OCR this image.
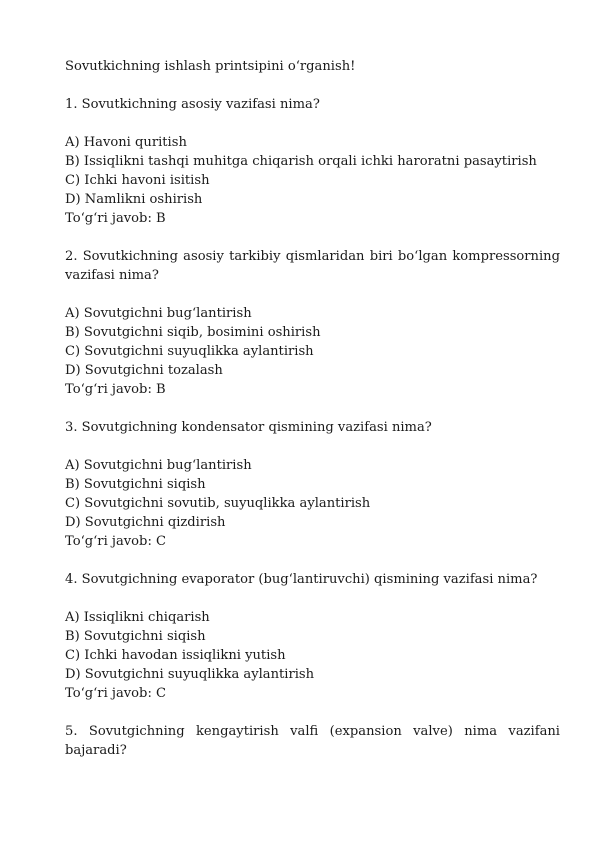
Sovutkichning ishlash printsipini o‘rganish!

1. Sovutkichning asosiy vazifasi nima?

A) Havoni quritish

B) Issiqlikni tashqi muhitga chiqarish orqali ichki haroratni pasaytirish

C) Ichki havoni isitish

D) Namlikni oshirish

To‘g‘ri javob: B

2. Sovutkichning asosiy tarkibiy qismlaridan biri bo‘lgan kompressorning vazifasi nima?

A) Sovutgichni bug‘lantirish

B) Sovutgichni siqib, bosimini oshirish

C) Sovutgichni suyuqlikka aylantirish

D) Sovutgichni tozalash

To‘g‘ri javob: B

3. Sovutgichning kondensator qismining vazifasi nima?

A) Sovutgichni bug‘lantirish

B) Sovutgichni siqish

C) Sovutgichni sovutib, suyuqlikka aylantirish

D) Sovutgichni qizdirish

To‘g‘ri javob: C

4. Sovutgichning evaporator (bug‘lantiruvchi) qismining vazifasi nima?

A) Issiqlikni chiqarish

B) Sovutgichni siqish

C) Ichki havodan issiqlikni yutish

D) Sovutgichni suyuqlikka aylantirish

To‘g‘ri javob: C

5. Sovutgichning kengaytirish valfi (expansion valve) nima vazifani bajaradi?
